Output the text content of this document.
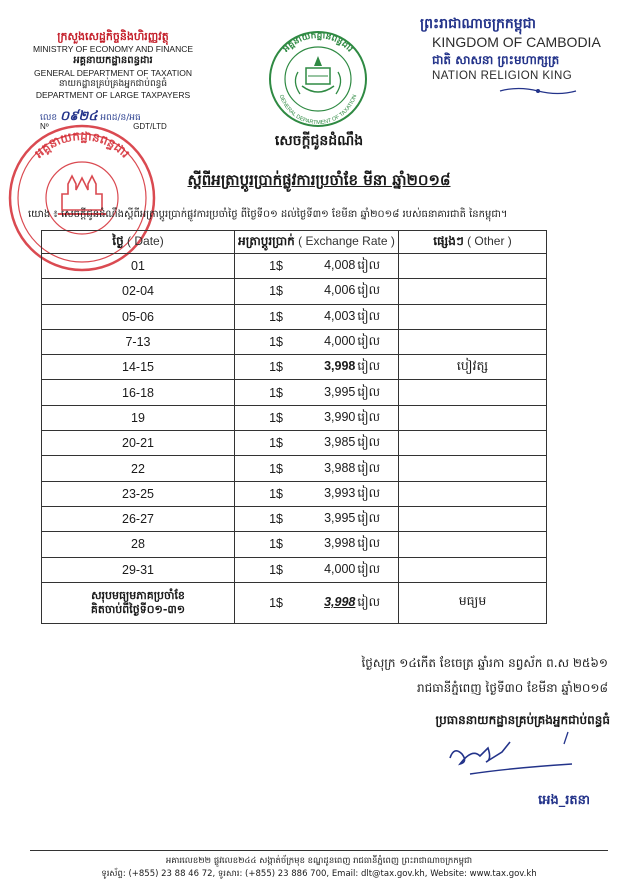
ក្រសួងសេដ្ឋកិច្ចនិងហិរញ្ញវត្ថុ
MINISTRY OF ECONOMY AND FINANCE
អគ្គនាយកដ្ឋានពន្ធដារ
GENERAL DEPARTMENT OF TAXATION
នាយកដ្ឋានគ្រប់គ្រងអ្នកជាប់ពន្ធធំ
DEPARTMENT OF LARGE TAXPAYERS
លេខ ០៩២៤ អពដ/ន/អធ
Nº	GDT/LTD
អគ្គនាយកដ្ឋានពន្ធដារ
GENERAL DEPARTMENT OF TAXATION
អគ្គនាយកដ្ឋានពន្ធដារ
ព្រះរាជាណាចក្រកម្ពុជា
KINGDOM OF CAMBODIA
ជាតិ សាសនា ព្រះមហាក្សត្រ
NATION RELIGION KING
សេចក្ដីជូនដំណឹង
ស្ដីពីអត្រាប្ដូរប្រាក់ផ្លូវការប្រចាំខែ មីនា ឆ្នាំ២០១៨
យោង ៖ សេចក្ដីជូនដំណឹងស្ដីពីអត្រាប្ដូរប្រាក់ផ្លូវការប្រចាំថ្ងៃ ពីថ្ងៃទី០១ ដល់ថ្ងៃទី៣១ ខែមីនា ឆ្នាំ២០១៨ របស់ធនាគារជាតិ នៃកម្ពុជា។
ថ្ងៃ ( Date)	អត្រាប្ដូរប្រាក់ ( Exchange Rate )		ផ្សេងៗ ( Other )
01	1$	4,008 រៀល	
02-04	1$	4,006 រៀល	
05-06	1$	4,003 រៀល	
7-13	1$	4,000 រៀល	
14-15	1$	3,998 រៀល	បៀវត្ស
16-18	1$	3,995 រៀល	
19	1$	3,990 រៀល	
20-21	1$	3,985 រៀល	
22	1$	3,988 រៀល	
23-25	1$	3,993 រៀល	
26-27	1$	3,995 រៀល	
28	1$	3,998 រៀល	
29-31	1$	4,000 រៀល	

សរុបមធ្យមភាគប្រចាំខែ
គិតចាប់ពីថ្ងៃទី០១-៣១	1$	3,998 រៀល	មធ្យម
ថ្ងៃសុក្រ ១៤កើត ខែចេត្រ ឆ្នាំរកា នព្វស័ក ព.ស ២៥៦១
រាជធានីភ្នំពេញ ថ្ងៃទី៣០ ខែមីនា ឆ្នាំ២០១៨
ប្រធាននាយកដ្ឋានគ្រប់គ្រងអ្នកជាប់ពន្ធធំ
អេង_រតនា
អគារលេខ២២ ផ្លូវលេខ២៤៤ សង្កាត់ច័ក្រមុខ ខណ្ឌដូនពេញ រាជធានីភ្នំពេញ ព្រះរាជាណាចក្រកម្ពុជា
ទូរស័ព្ទ: (+855) 23 88 46 72, ទូរសារ: (+855) 23 886 700, Email: dlt@tax.gov.kh, Website: www.tax.gov.kh
